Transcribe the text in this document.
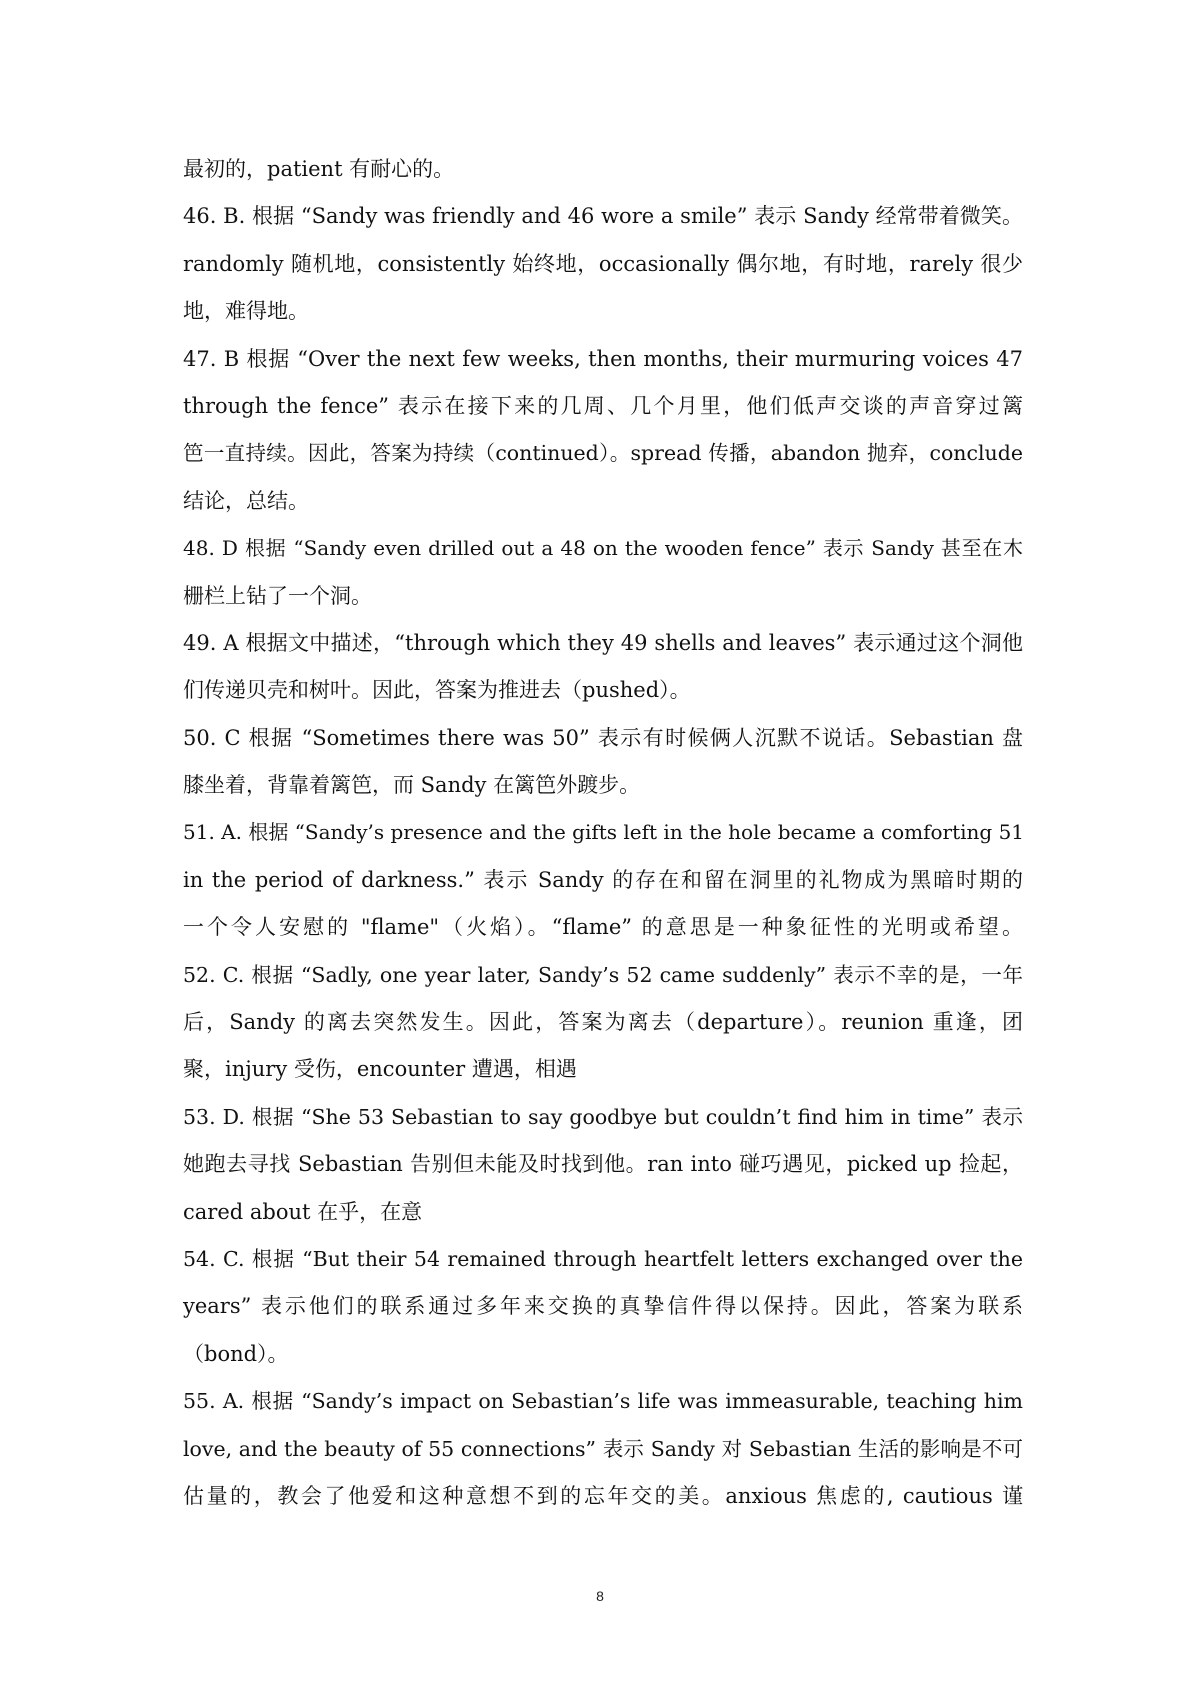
最初的，patient 有耐心的。
46. B. 根据 “Sandy was friendly and 46 wore a smile” 表示 Sandy 经常带着微笑。
randomly 随机地，consistently 始终地，occasionally 偶尔地，有时地，rarely 很少
地，难得地。
47. B 根据 “Over the next few weeks, then months, their murmuring voices 47
through the fence” 表示在接下来的几周、几个月里，他们低声交谈的声音穿过篱
笆一直持续。因此，答案为持续（continued）。spread 传播，abandon 抛弃，conclude
结论，总结。
48. D 根据 “Sandy even drilled out a 48 on the wooden fence” 表示 Sandy 甚至在木
栅栏上钻了一个洞。
49. A 根据文中描述，“through which they 49 shells and leaves” 表示通过这个洞他
们传递贝壳和树叶。因此，答案为推进去（pushed）。
50. C 根据 “Sometimes there was 50” 表示有时候俩人沉默不说话。Sebastian 盘
膝坐着，背靠着篱笆，而 Sandy 在篱笆外踱步。
51. A. 根据 “Sandy’s presence and the gifts left in the hole became a comforting 51
in the period of darkness.” 表示 Sandy 的存在和留在洞里的礼物成为黑暗时期的
一个令人安慰的 "flame"（火焰）。“flame” 的意思是一种象征性的光明或希望。
52. C. 根据 “Sadly, one year later, Sandy’s 52 came suddenly” 表示不幸的是，一年
后，Sandy 的离去突然发生。因此，答案为离去（departure）。reunion 重逢，团
聚，injury 受伤，encounter 遭遇，相遇
53. D. 根据 “She 53 Sebastian to say goodbye but couldn’t find him in time” 表示
她跑去寻找 Sebastian 告别但未能及时找到他。ran into 碰巧遇见，picked up 捡起，
cared about 在乎，在意
54. C. 根据 “But their 54 remained through heartfelt letters exchanged over the
years” 表示他们的联系通过多年来交换的真挚信件得以保持。因此，答案为联系
（bond）。
55. A. 根据 “Sandy’s impact on Sebastian’s life was immeasurable, teaching him
love, and the beauty of 55 connections” 表示 Sandy 对 Sebastian 生活的影响是不可
估量的，教会了他爱和这种意想不到的忘年交的美。anxious 焦虑的, cautious 谨
8
